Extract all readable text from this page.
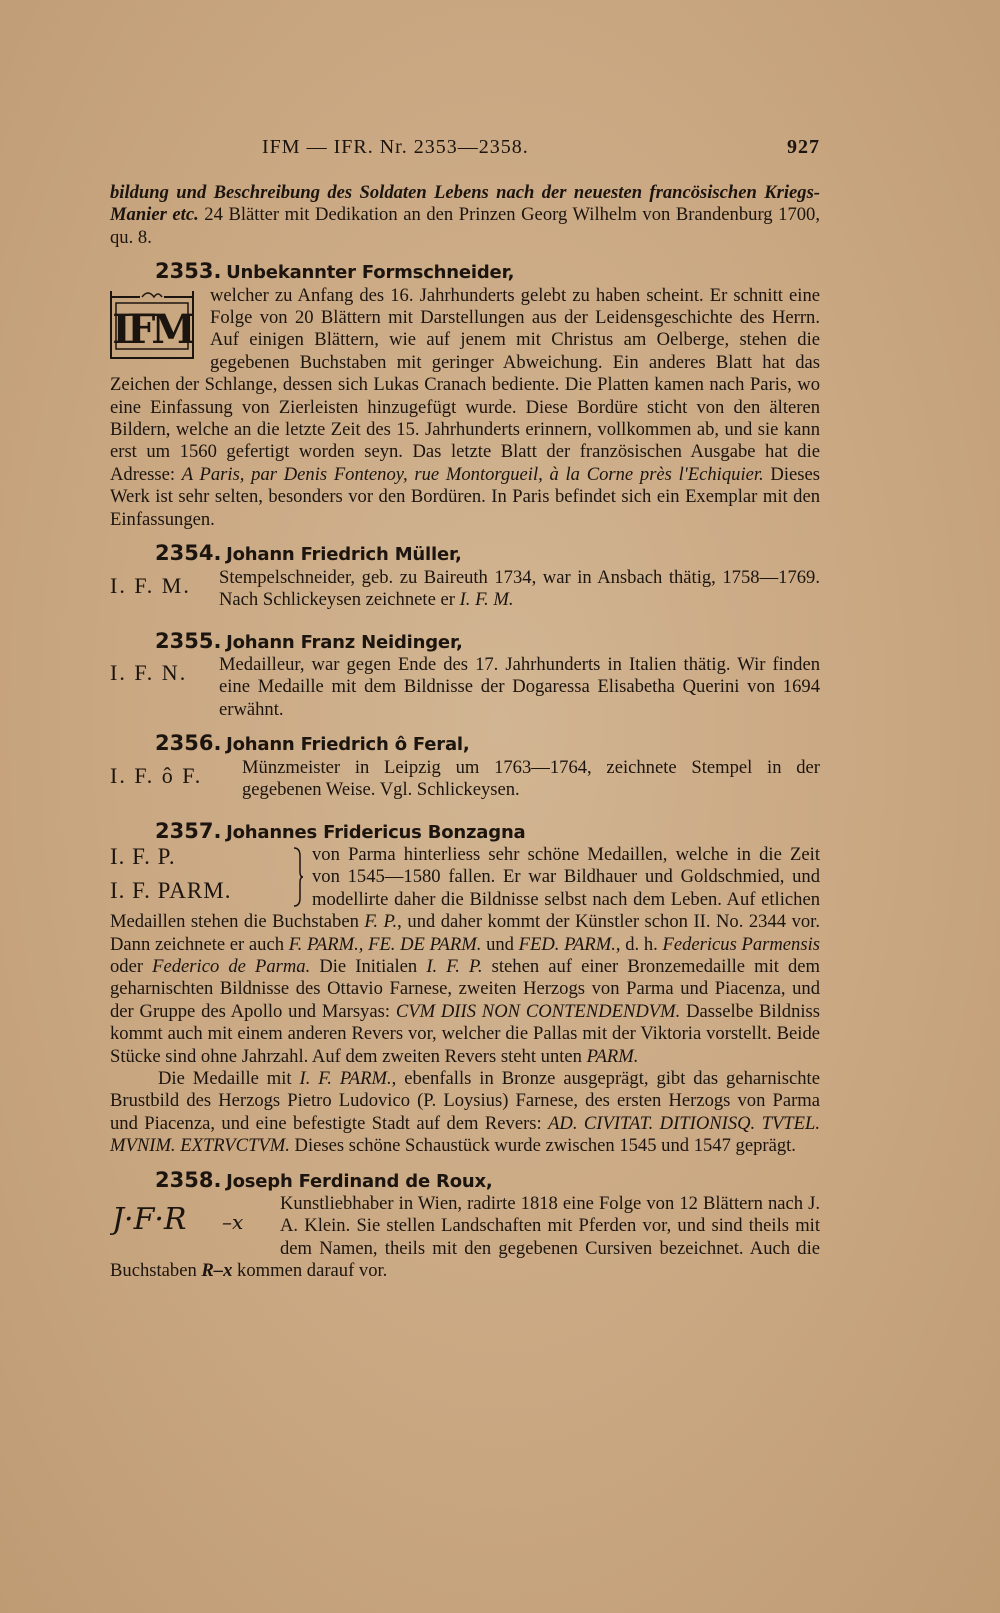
IFM — IFR. Nr. 2353—2358.	927

bildung und Beschreibung des Soldaten Lebens nach der neuesten francösischen Kriegs-Manier etc. 24 Blätter mit Dedikation an den Prinzen Georg Wilhelm von Brandenburg 1700, qu. 8.

2353. Unbekannter Formschneider,

IFM

welcher zu Anfang des 16. Jahrhunderts gelebt zu haben scheint. Er schnitt eine Folge von 20 Blättern mit Darstellungen aus der Leidensgeschichte des Herrn. Auf einigen Blättern, wie auf jenem mit Christus am Oelberge, stehen die gegebenen Buchstaben mit geringer Abweichung. Ein anderes Blatt hat das Zeichen der Schlange, dessen sich Lukas Cranach bediente. Die Platten kamen nach Paris, wo eine Einfassung von Zierleisten hinzugefügt wurde. Diese Bordüre sticht von den älteren Bildern, welche an die letzte Zeit des 15. Jahrhunderts erinnern, vollkommen ab, und sie kann erst um 1560 gefertigt worden seyn. Das letzte Blatt der französischen Ausgabe hat die Adresse: A Paris, par Denis Fontenoy, rue Montorgueil, à la Corne près l'Echiquier. Dieses Werk ist sehr selten, besonders vor den Bordüren. In Paris befindet sich ein Exemplar mit den Einfassungen.

2354. Johann Friedrich Müller,

I. F. M.	Stempelschneider, geb. zu Baireuth 1734, war in Ansbach thätig, 1758—1769. Nach Schlickeysen zeichnete er I. F. M.

2355. Johann Franz Neidinger,

I. F. N.	Medailleur, war gegen Ende des 17. Jahrhunderts in Italien thätig. Wir finden eine Medaille mit dem Bildnisse der Dogaressa Elisabetha Querini von 1694 erwähnt.

2356. Johann Friedrich ô Feral,

I. F. ô F.	Münzmeister in Leipzig um 1763—1764, zeichnete Stempel in der gegebenen Weise. Vgl. Schlickeysen.

2357. Johannes Fridericus Bonzagna

I. F. P.
I. F. PARM.

von Parma hinterliess sehr schöne Medaillen, welche in die Zeit von 1545—1580 fallen. Er war Bildhauer und Goldschmied, und modellirte daher die Bildnisse selbst nach dem Leben. Auf etlichen Medaillen stehen die Buchstaben F. P., und daher kommt der Künstler schon II. No. 2344 vor. Dann zeichnete er auch F. PARM., FE. DE PARM. und FED. PARM., d. h. Federicus Parmensis oder Federico de Parma. Die Initialen I. F. P. stehen auf einer Bronzemedaille mit dem geharnischten Bildnisse des Ottavio Farnese, zweiten Herzogs von Parma und Piacenza, und der Gruppe des Apollo und Marsyas: CVM DIIS NON CONTENDENDVM. Dasselbe Bildniss kommt auch mit einem anderen Revers vor, welcher die Pallas mit der Viktoria vorstellt. Beide Stücke sind ohne Jahrzahl. Auf dem zweiten Revers steht unten PARM.

Die Medaille mit I. F. PARM., ebenfalls in Bronze ausgeprägt, gibt das geharnischte Brustbild des Herzogs Pietro Ludovico (P. Loysius) Farnese, des ersten Herzogs von Parma und Piacenza, und eine befestigte Stadt auf dem Revers: AD. CIVITAT. DITIONISQ. TVTEL. MVNIM. EXTRVCTVM. Dieses schöne Schaustück wurde zwischen 1545 und 1547 geprägt.

2358. Joseph Ferdinand de Roux,

J·F·R –x

Kunstliebhaber in Wien, radirte 1818 eine Folge von 12 Blättern nach J. A. Klein. Sie stellen Landschaften mit Pferden vor, und sind theils mit dem Namen, theils mit den gegebenen Cursiven bezeichnet. Auch die Buchstaben R–x kommen darauf vor.
